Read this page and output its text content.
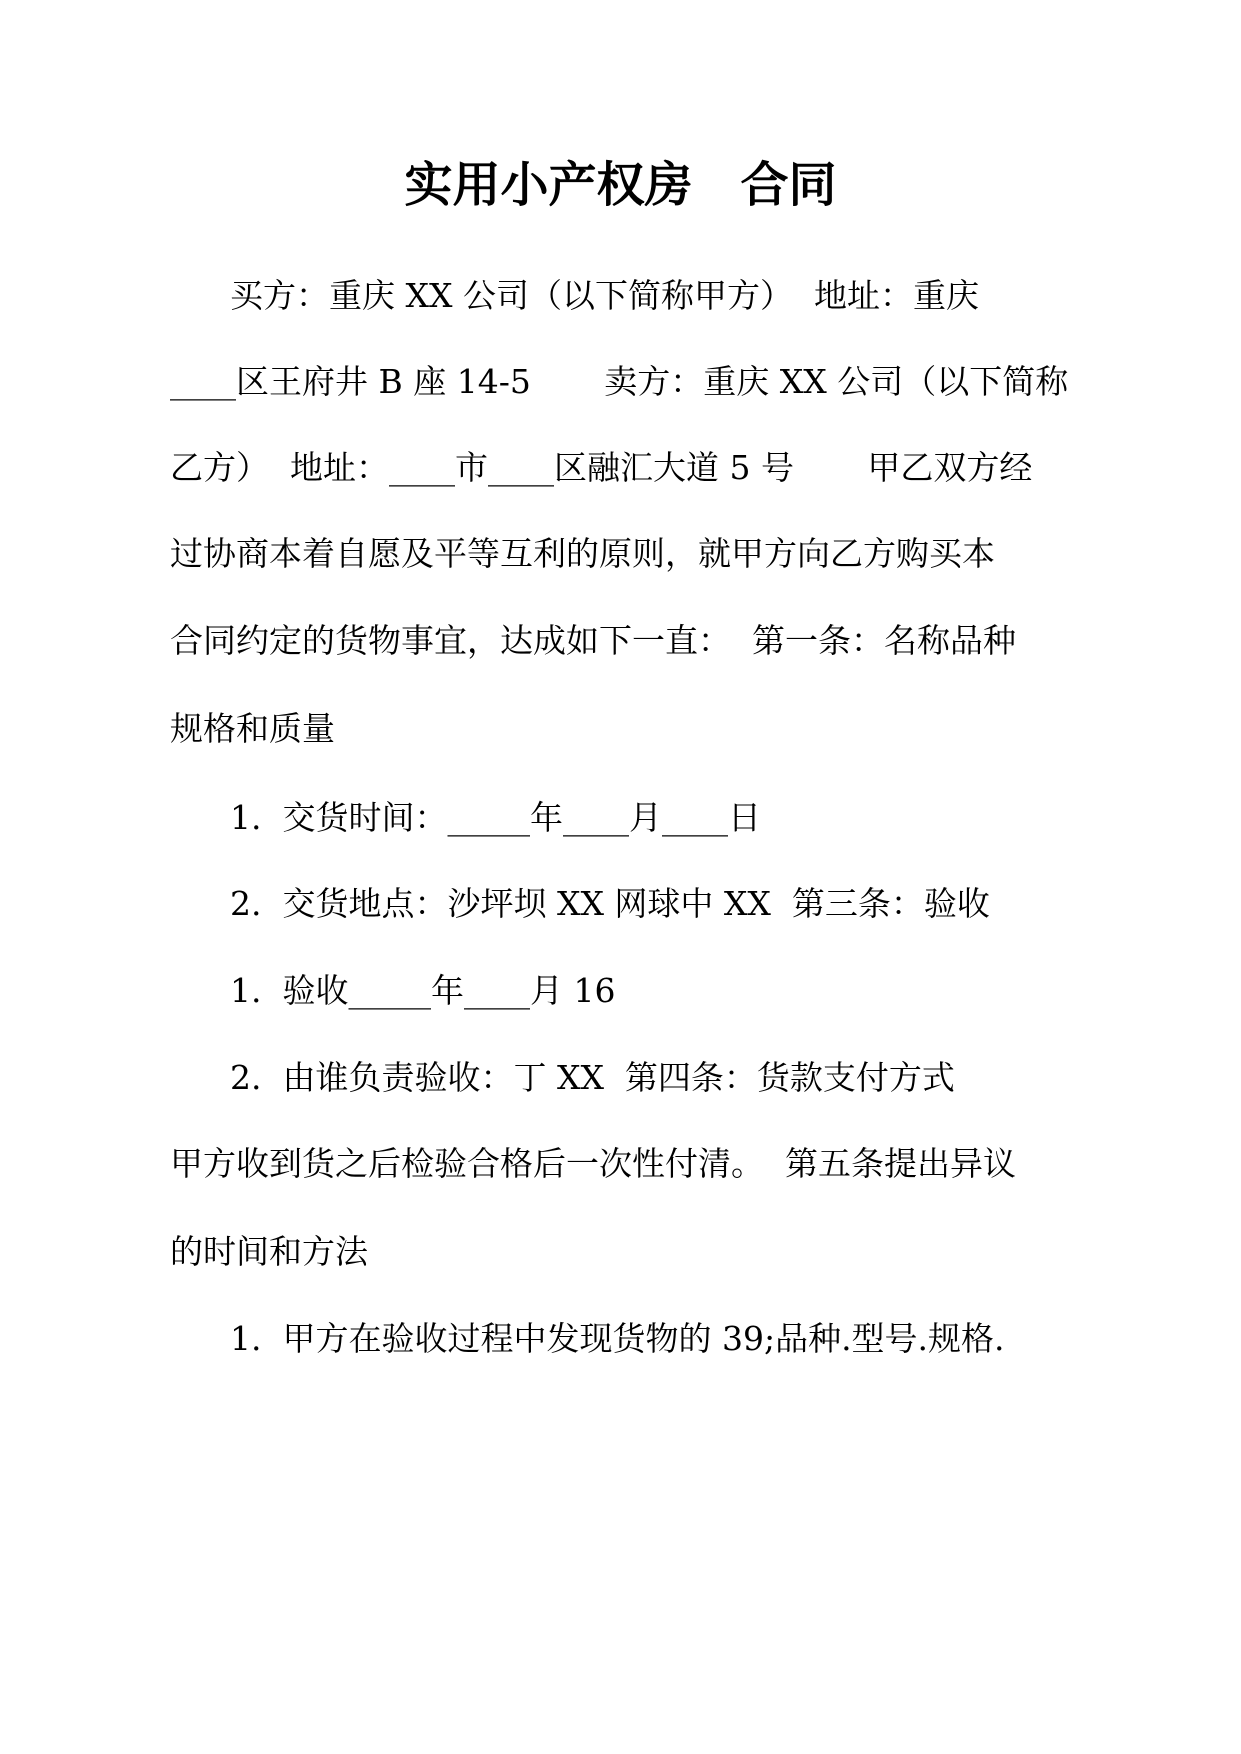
实用小产权房　合同

买方：重庆 XX 公司（以下简称甲方）  地址：重庆

____区王府井 B 座 14-5       卖方：重庆 XX 公司（以下简称

乙方）  地址：____市____区融汇大道 5 号       甲乙双方经

过协商本着自愿及平等互利的原则，就甲方向乙方购买本

合同约定的货物事宜，达成如下一直：  第一条：名称品种

规格和质量

1.  交货时间：_____年____月____日

2.  交货地点：沙坪坝 XX 网球中 XX  第三条：验收

1.  验收_____年____月 16

2.  由谁负责验收：丁 XX  第四条：货款支付方式

甲方收到货之后检验合格后一次性付清。  第五条提出异议

的时间和方法

1.  甲方在验收过程中发现货物的 39;品种.型号.规格.
